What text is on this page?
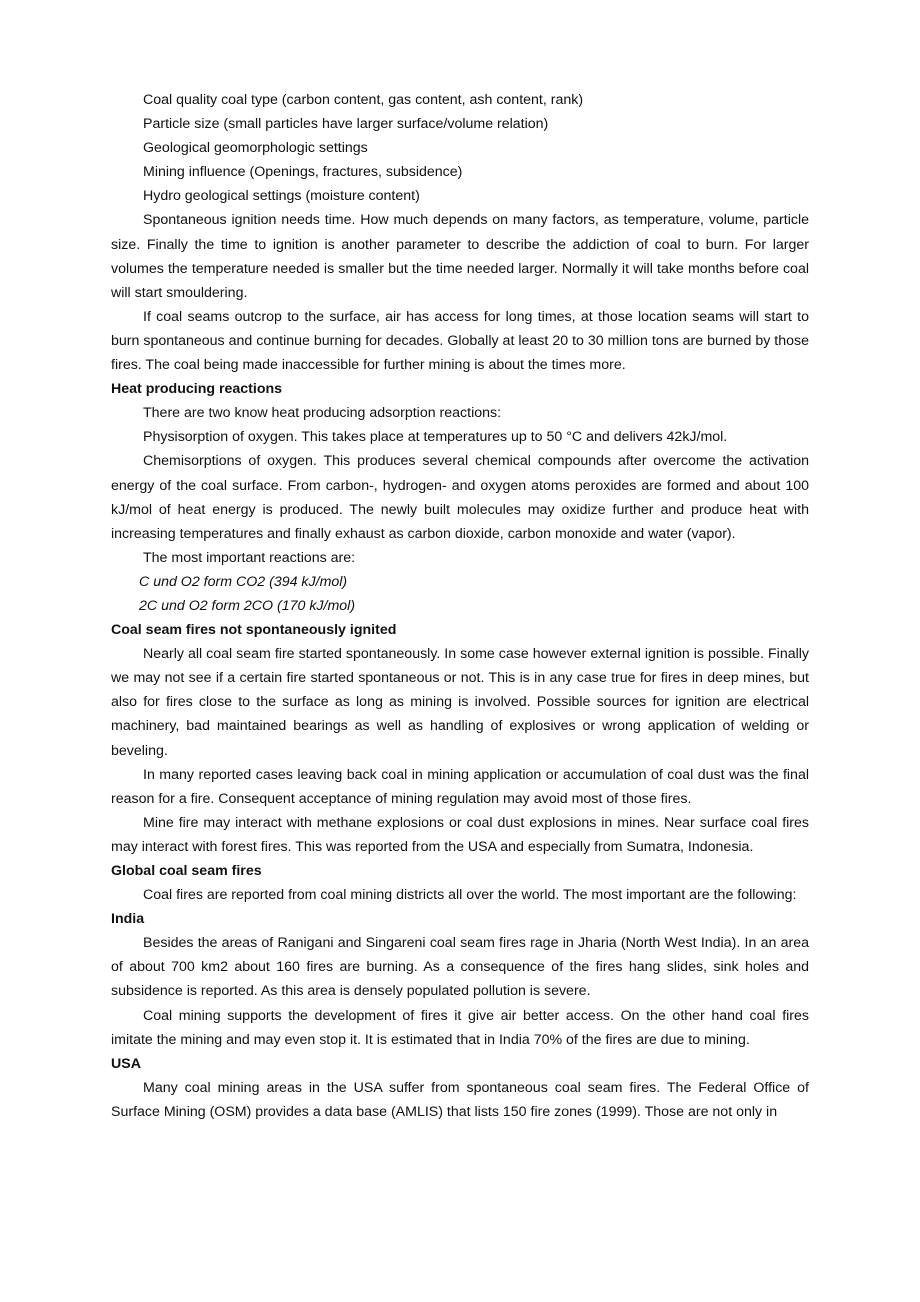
Coal quality coal type (carbon content, gas content, ash content, rank)

Particle size (small particles have larger surface/volume relation)

Geological geomorphologic settings

Mining influence (Openings, fractures, subsidence)

Hydro geological settings (moisture content)

Spontaneous ignition needs time. How much depends on many factors, as temperature, volume, particle size. Finally the time to ignition is another parameter to describe the addiction of coal to burn. For larger volumes the temperature needed is smaller but the time needed larger. Normally it will take months before coal will start smouldering.

If coal seams outcrop to the surface, air has access for long times, at those location seams will start to burn spontaneous and continue burning for decades. Globally at least 20 to 30 million tons are burned by those fires. The coal being made inaccessible for further mining is about the times more.

Heat producing reactions

There are two know heat producing adsorption reactions:

Physisorption of oxygen. This takes place at temperatures up to 50 °C and delivers 42kJ/mol.

Chemisorptions of oxygen. This produces several chemical compounds after overcome the activation energy of the coal surface. From carbon-, hydrogen- and oxygen atoms peroxides are formed and about 100 kJ/mol of heat energy is produced. The newly built molecules may oxidize further and produce heat with increasing temperatures and finally exhaust as carbon dioxide, carbon monoxide and water (vapor).

The most important reactions are:

C und O2 form CO2 (394 kJ/mol)

2C und O2 form 2CO (170 kJ/mol)

Coal seam fires not spontaneously ignited

Nearly all coal seam fire started spontaneously. In some case however external ignition is possible. Finally we may not see if a certain fire started spontaneous or not. This is in any case true for fires in deep mines, but also for fires close to the surface as long as mining is involved. Possible sources for ignition are electrical machinery, bad maintained bearings as well as handling of explosives or wrong application of welding or beveling.

In many reported cases leaving back coal in mining application or accumulation of coal dust was the final reason for a fire. Consequent acceptance of mining regulation may avoid most of those fires.

Mine fire may interact with methane explosions or coal dust explosions in mines. Near surface coal fires may interact with forest fires. This was reported from the USA and especially from Sumatra, Indonesia.

Global coal seam fires

Coal fires are reported from coal mining districts all over the world. The most important are the following:

India

Besides the areas of Ranigani and Singareni coal seam fires rage in Jharia (North West India). In an area of about 700 km2 about 160 fires are burning. As a consequence of the fires hang slides, sink holes and subsidence is reported. As this area is densely populated pollution is severe.

Coal mining supports the development of fires it give air better access. On the other hand coal fires imitate the mining and may even stop it. It is estimated that in India 70% of the fires are due to mining.

USA

Many coal mining areas in the USA suffer from spontaneous coal seam fires. The Federal Office of Surface Mining (OSM) provides a data base (AMLIS) that lists 150 fire zones (1999). Those are not only in
